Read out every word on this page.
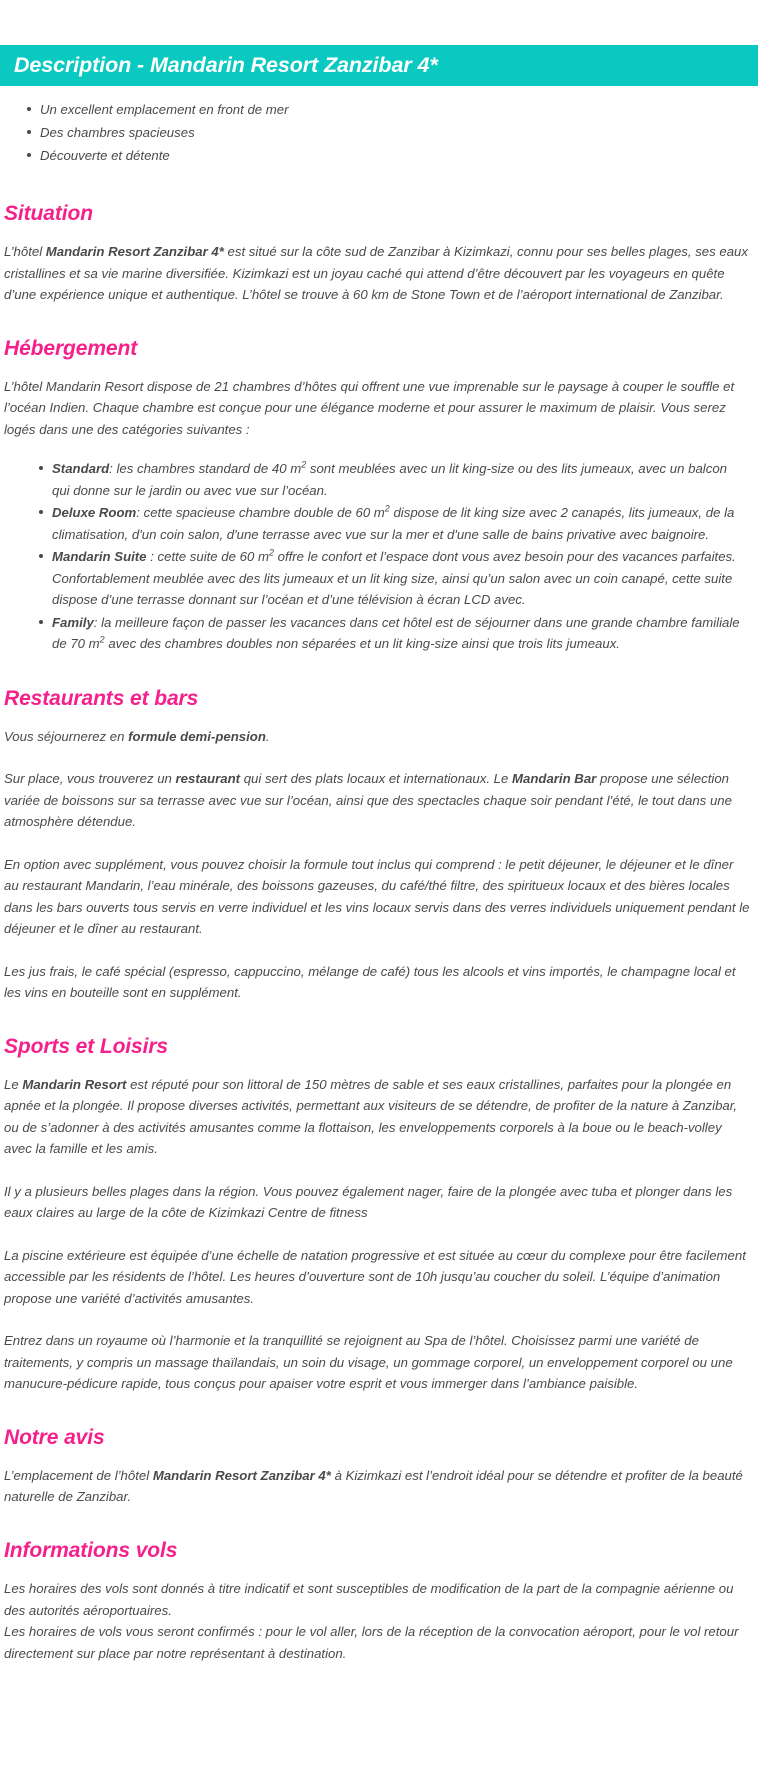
Description - Mandarin Resort Zanzibar 4*
Un excellent emplacement en front de mer
Des chambres spacieuses
Découverte et détente
Situation

L’hôtel Mandarin Resort Zanzibar 4* est situé sur la côte sud de Zanzibar à Kizimkazi, connu pour ses belles plages, ses eaux cristallines et sa vie marine diversifiée. Kizimkazi est un joyau caché qui attend d’être découvert par les voyageurs en quête d’une expérience unique et authentique. L’hôtel se trouve à 60 km de Stone Town et de l’aéroport international de Zanzibar.

Hébergement

L’hôtel Mandarin Resort dispose de 21 chambres d’hôtes qui offrent une vue imprenable sur le paysage à couper le souffle et l’océan Indien. Chaque chambre est conçue pour une élégance moderne et pour assurer le maximum de plaisir. Vous serez logés dans une des catégories suivantes :

Standard: les chambres standard de 40 $m^2$ sont meublées avec un lit king-size ou des lits jumeaux, avec un balcon qui donne sur le jardin ou avec vue sur l’océan.
Deluxe Room: cette spacieuse chambre double de 60 $m^2$ dispose de lit king size avec 2 canapés, lits jumeaux, de la climatisation, d'un coin salon, d'une terrasse avec vue sur la mer et d'une salle de bains privative avec baignoire.
Mandarin Suite : cette suite de 60 $m^2$ offre le confort et l’espace dont vous avez besoin pour des vacances parfaites. Confortablement meublée avec des lits jumeaux et un lit king size, ainsi qu’un salon avec un coin canapé, cette suite dispose d’une terrasse donnant sur l’océan et d’une télévision à écran LCD avec.
Family: la meilleure façon de passer les vacances dans cet hôtel est de séjourner dans une grande chambre familiale de 70 $m^2$ avec des chambres doubles non séparées et un lit king-size ainsi que trois lits jumeaux.
Restaurants et bars

Vous séjournerez en formule demi-pension.

Sur place, vous trouverez un restaurant qui sert des plats locaux et internationaux. Le Mandarin Bar propose une sélection variée de boissons sur sa terrasse avec vue sur l’océan, ainsi que des spectacles chaque soir pendant l’été, le tout dans une atmosphère détendue.

En option avec supplément, vous pouvez choisir la formule tout inclus qui comprend : le petit déjeuner, le déjeuner et le dîner au restaurant Mandarin, l’eau minérale, des boissons gazeuses, du café/thé filtre, des spiritueux locaux et des bières locales dans les bars ouverts tous servis en verre individuel et les vins locaux servis dans des verres individuels uniquement pendant le déjeuner et le dîner au restaurant.

Les jus frais, le café spécial (espresso, cappuccino, mélange de café) tous les alcools et vins importés, le champagne local et les vins en bouteille sont en supplément.

Sports et Loisirs

Le Mandarin Resort est réputé pour son littoral de 150 mètres de sable et ses eaux cristallines, parfaites pour la plongée en apnée et la plongée. Il propose diverses activités, permettant aux visiteurs de se détendre, de profiter de la nature à Zanzibar, ou de s’adonner à des activités amusantes comme la flottaison, les enveloppements corporels à la boue ou le beach-volley avec la famille et les amis.

Il y a plusieurs belles plages dans la région. Vous pouvez également nager, faire de la plongée avec tuba et plonger dans les eaux claires au large de la côte de Kizimkazi Centre de fitness

La piscine extérieure est équipée d’une échelle de natation progressive et est située au cœur du complexe pour être facilement accessible par les résidents de l’hôtel. Les heures d’ouverture sont de 10h jusqu’au coucher du soleil. L’équipe d’animation propose une variété d’activités amusantes.

Entrez dans un royaume où l’harmonie et la tranquillité se rejoignent au Spa de l’hôtel. Choisissez parmi une variété de traitements, y compris un massage thaïlandais, un soin du visage, un gommage corporel, un enveloppement corporel ou une manucure-pédicure rapide, tous conçus pour apaiser votre esprit et vous immerger dans l’ambiance paisible.

Notre avis

L’emplacement de l’hôtel Mandarin Resort Zanzibar 4* à Kizimkazi est l’endroit idéal pour se détendre et profiter de la beauté naturelle de Zanzibar.

Informations vols

Les horaires des vols sont donnés à titre indicatif et sont susceptibles de modification de la part de la compagnie aérienne ou des autorités aéroportuaires.

Les horaires de vols vous seront confirmés : pour le vol aller, lors de la réception de la convocation aéroport, pour le vol retour directement sur place par notre représentant à destination.
